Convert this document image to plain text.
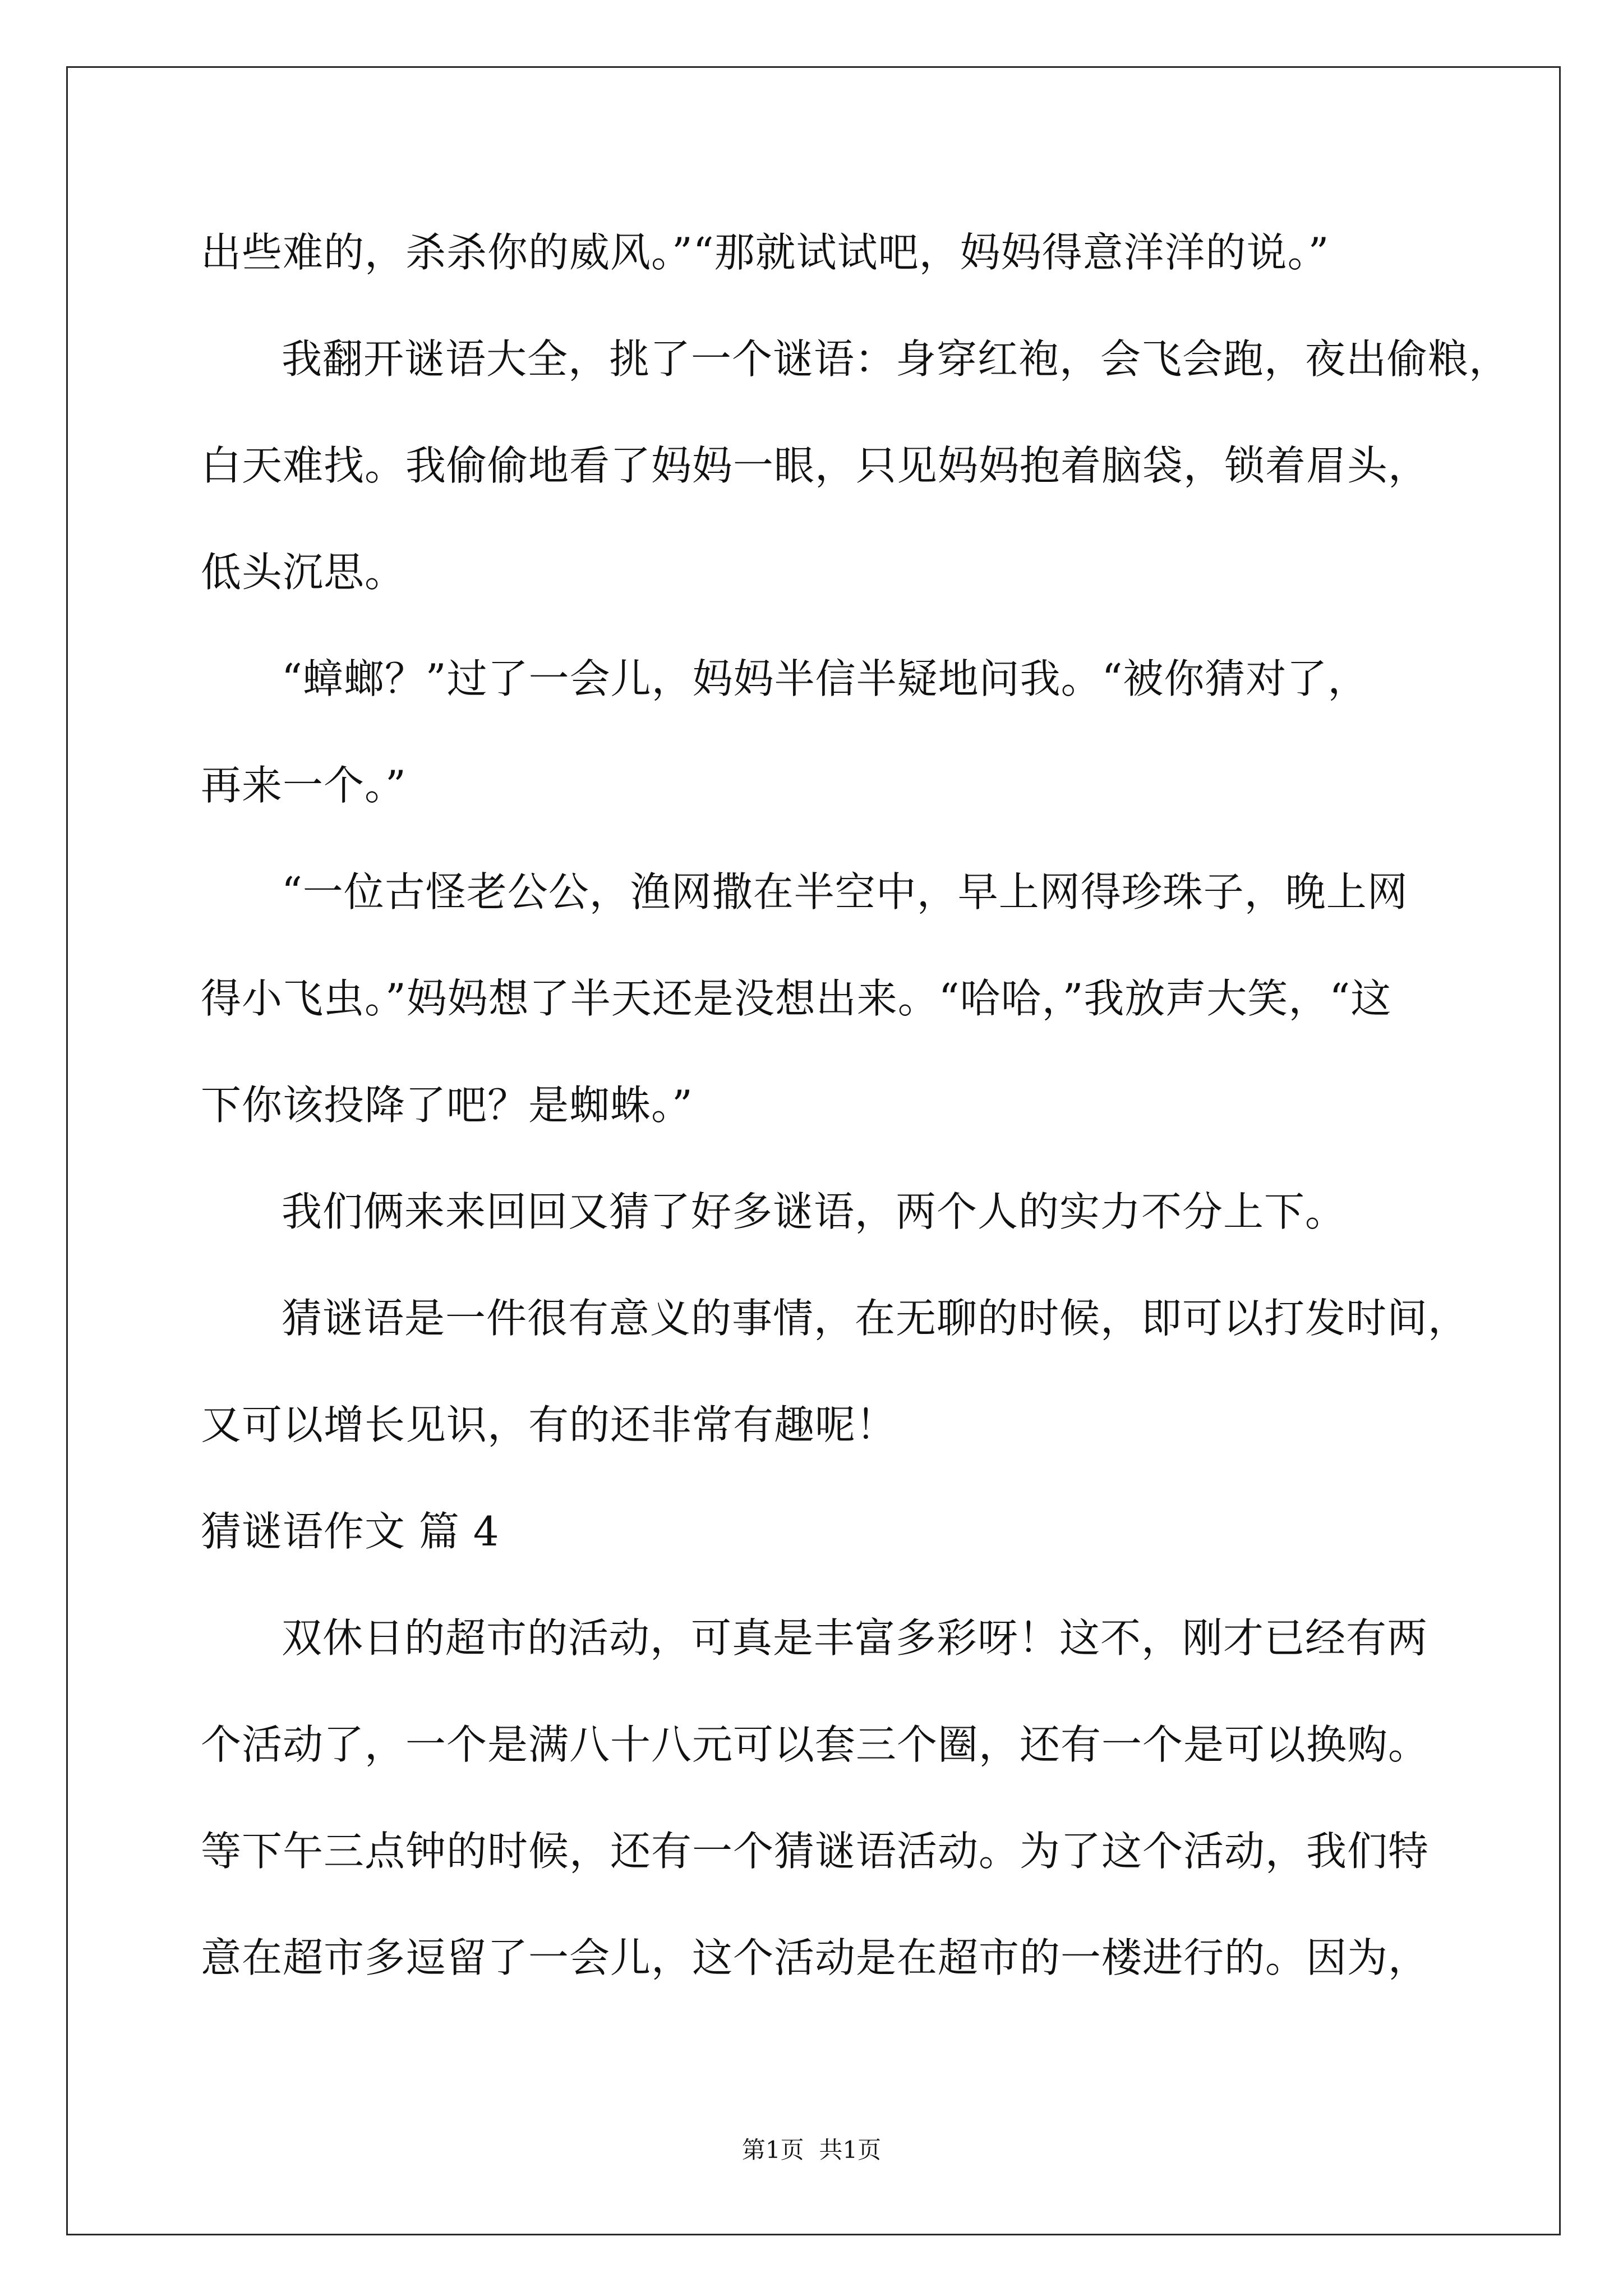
出些难的，杀杀你的威风。”“那就试试吧，妈妈得意洋洋的说。”
我翻开谜语大全，挑了一个谜语：身穿红袍，会飞会跑，夜出偷粮，
白天难找。我偷偷地看了妈妈一眼，只见妈妈抱着脑袋，锁着眉头，
低头沉思。
“蟑螂？”过了一会儿，妈妈半信半疑地问我。“被你猜对了，
再来一个。”
“一位古怪老公公，渔网撒在半空中，早上网得珍珠子，晚上网
得小飞虫。”妈妈想了半天还是没想出来。“哈哈，”我放声大笑，“这
下你该投降了吧？是蜘蛛。”
我们俩来来回回又猜了好多谜语，两个人的实力不分上下。
猜谜语是一件很有意义的事情，在无聊的时候，即可以打发时间，
又可以增长见识，有的还非常有趣呢！
猜谜语作文 篇 4
双休日的超市的活动，可真是丰富多彩呀！这不，刚才已经有两
个活动了，一个是满八十八元可以套三个圈，还有一个是可以换购。
等下午三点钟的时候，还有一个猜谜语活动。为了这个活动，我们特
意在超市多逗留了一会儿，这个活动是在超市的一楼进行的。因为，
第1页  共1页
